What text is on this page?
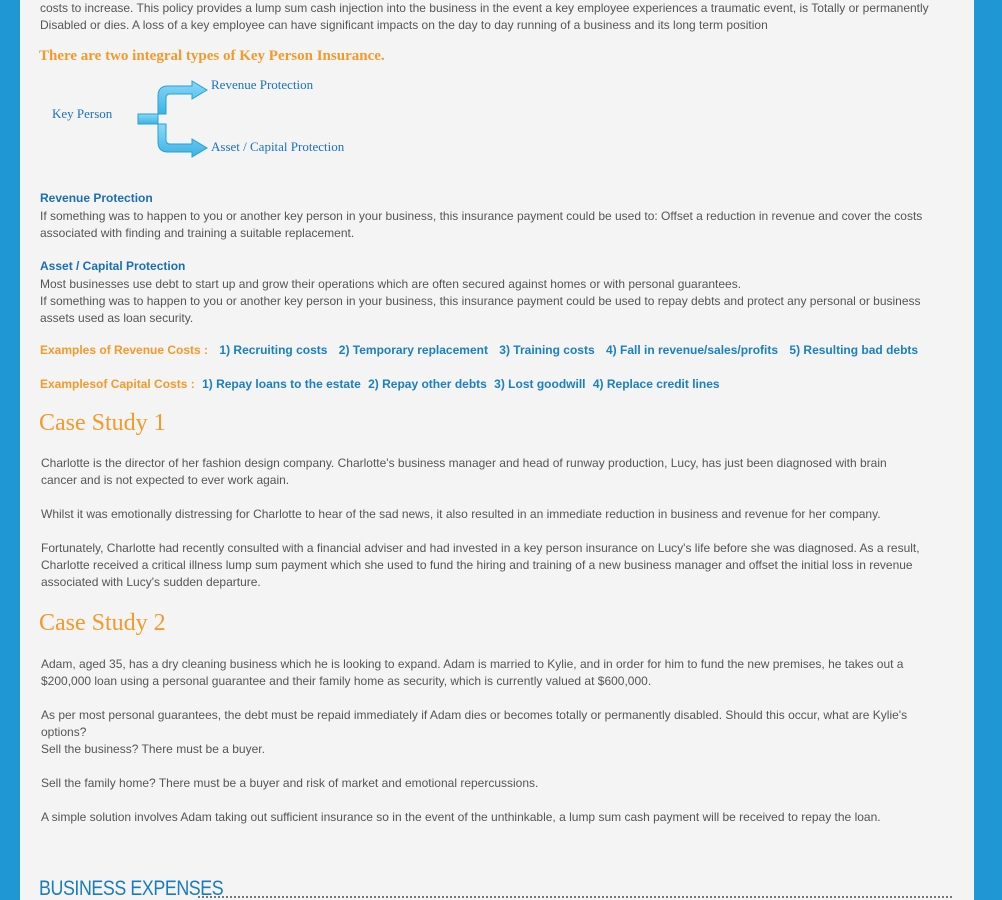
costs to increase. This policy provides a lump sum cash injection into the business in the event a key employee experiences a traumatic event, is Totally or permanently
Disabled or dies. A loss of a key employee can have significant impacts on the day to day running of a business and its long term position
There are two integral types of Key Person Insurance.
Key Person
Revenue Protection
Asset / Capital Protection
Revenue Protection
If something was to happen to you or another key person in your business, this insurance payment could be used to: Offset a reduction in revenue and cover the costs
associated with finding and training a suitable replacement.
Asset / Capital Protection
Most businesses use debt to start up and grow their operations which are often secured against homes or with personal guarantees.
If something was to happen to you or another key person in your business, this insurance payment could be used to repay debts and protect any personal or business
assets used as loan security.
Examples of Revenue Costs : 1) Recruiting costs 2) Temporary replacement 3) Training costs 4) Fall in revenue/sales/profits 5) Resulting bad debts
Examplesof Capital Costs : 1) Repay loans to the estate 2) Repay other debts 3) Lost goodwill 4) Replace credit lines
Case Study 1
Charlotte is the director of her fashion design company. Charlotte's business manager and head of runway production, Lucy, has just been diagnosed with brain
cancer and is not expected to ever work again.
Whilst it was emotionally distressing for Charlotte to hear of the sad news, it also resulted in an immediate reduction in business and revenue for her company.
Fortunately, Charlotte had recently consulted with a financial adviser and had invested in a key person insurance on Lucy's life before she was diagnosed. As a result,
Charlotte received a critical illness lump sum payment which she used to fund the hiring and training of a new business manager and offset the initial loss in revenue
associated with Lucy's sudden departure.
Case Study 2
Adam, aged 35, has a dry cleaning business which he is looking to expand. Adam is married to Kylie, and in order for him to fund the new premises, he takes out a
$200,000 loan using a personal guarantee and their family home as security, which is currently valued at $600,000.
As per most personal guarantees, the debt must be repaid immediately if Adam dies or becomes totally or permanently disabled. Should this occur, what are Kylie's
options?
Sell the business? There must be a buyer.
Sell the family home? There must be a buyer and risk of market and emotional repercussions.
A simple solution involves Adam taking out sufficient insurance so in the event of the unthinkable, a lump sum cash payment will be received to repay the loan.
BUSINESS EXPENSES
